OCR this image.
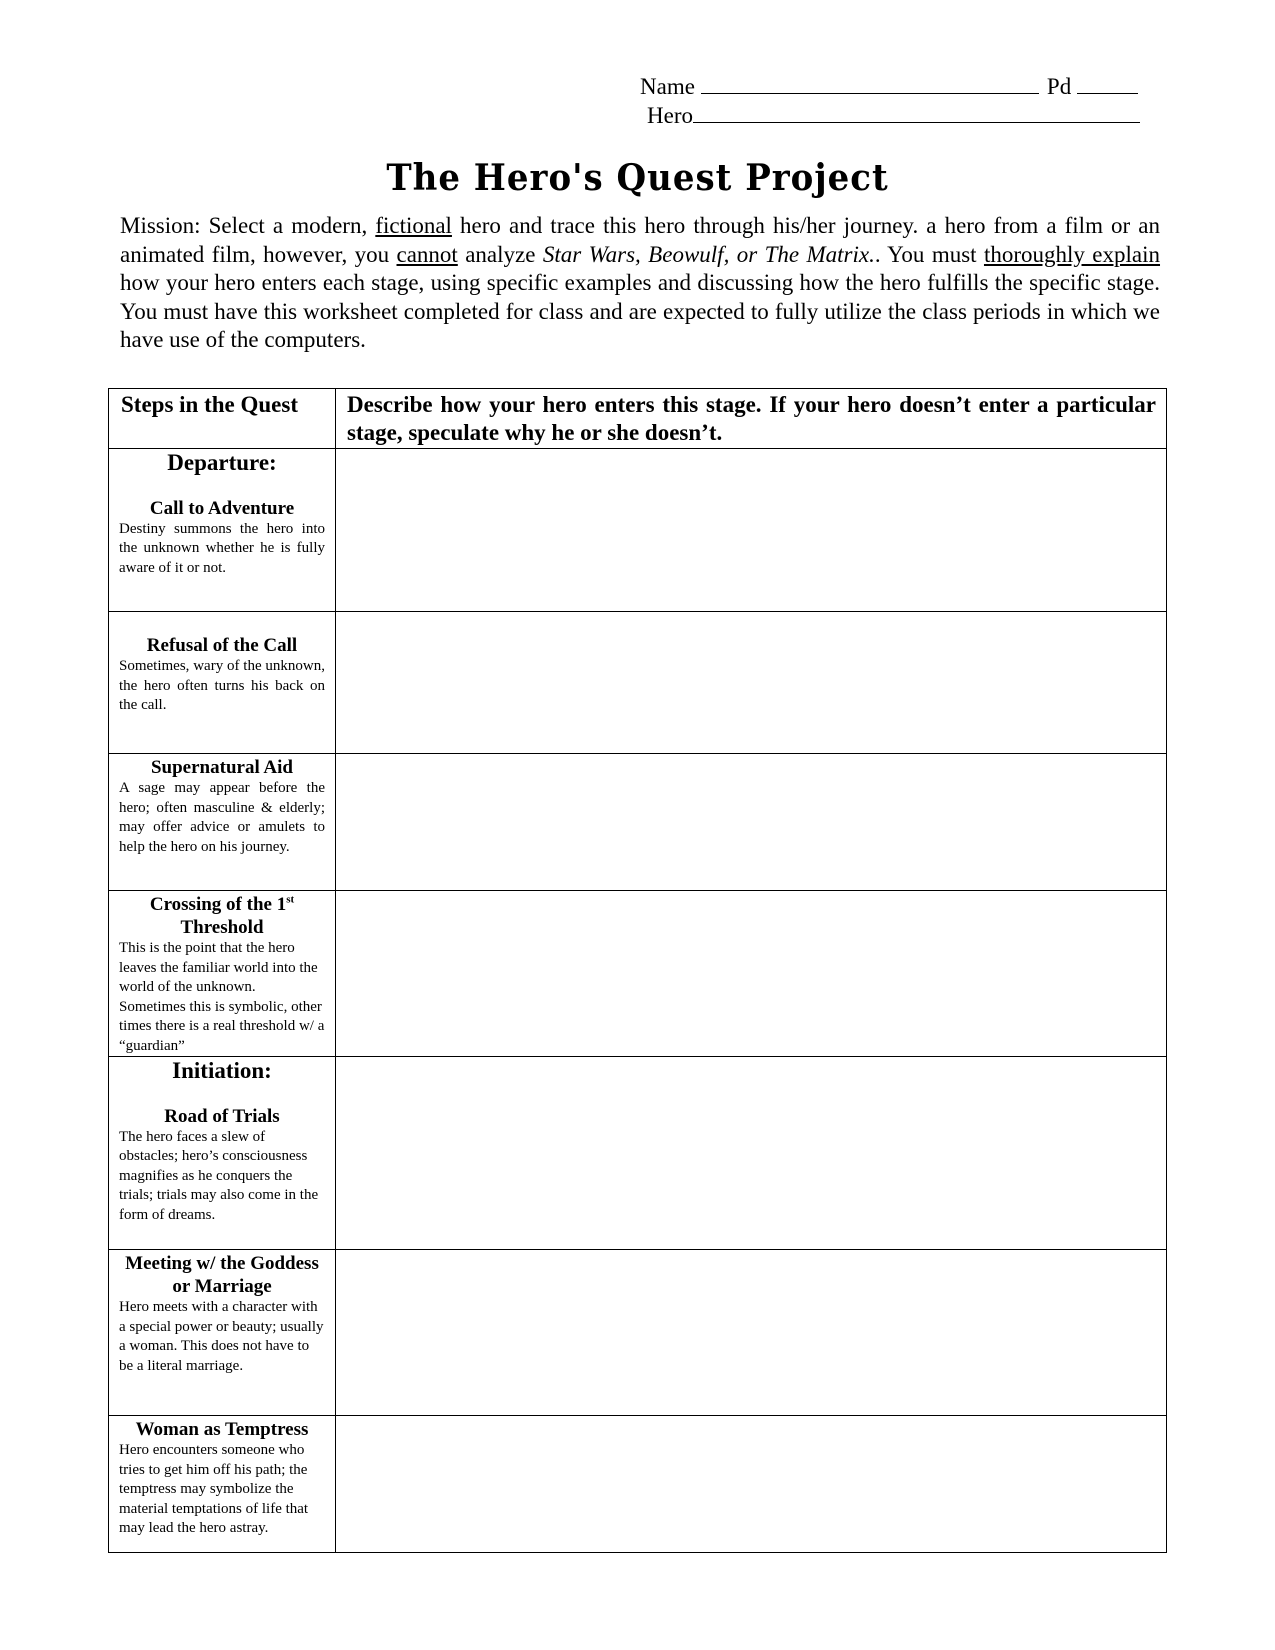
Name	Pd
Hero
The Hero's Quest Project
Mission: Select a modern, fictional hero and trace this hero through his/her journey. a hero from a film or an animated film, however, you cannot analyze Star Wars, Beowulf, or The Matrix.. You must thoroughly explain how your hero enters each stage, using specific examples and discussing how the hero fulfills the specific stage. You must have this worksheet completed for class and are expected to fully utilize the class periods in which we have use of the computers.
Steps in the Quest	Describe how your hero enters this stage. If your hero doesn’t enter a particular stage, speculate why he or she doesn’t.

Departure:
Call to Adventure
Destiny summons the hero into the unknown whether he is fully aware of it or not.	

Refusal of the Call
Sometimes, wary of the unknown, the hero often turns his back on the call.	

Supernatural Aid
A sage may appear before the hero; often masculine & elderly; may offer advice or amulets to help the hero on his journey.	

Crossing of the 1st
Threshold
This is the point that the hero leaves the familiar world into the world of the unknown. Sometimes this is symbolic, other times there is a real threshold w/ a “guardian”	

Initiation:
Road of Trials
The hero faces a slew of obstacles; hero’s consciousness magnifies as he conquers the trials; trials may also come in the form of dreams.	

Meeting w/ the Goddess or Marriage
Hero meets with a character with a special power or beauty; usually a woman. This does not have to be a literal marriage.	

Woman as Temptress
Hero encounters someone who tries to get him off his path; the temptress may symbolize the material temptations of life that may lead the hero astray.	
